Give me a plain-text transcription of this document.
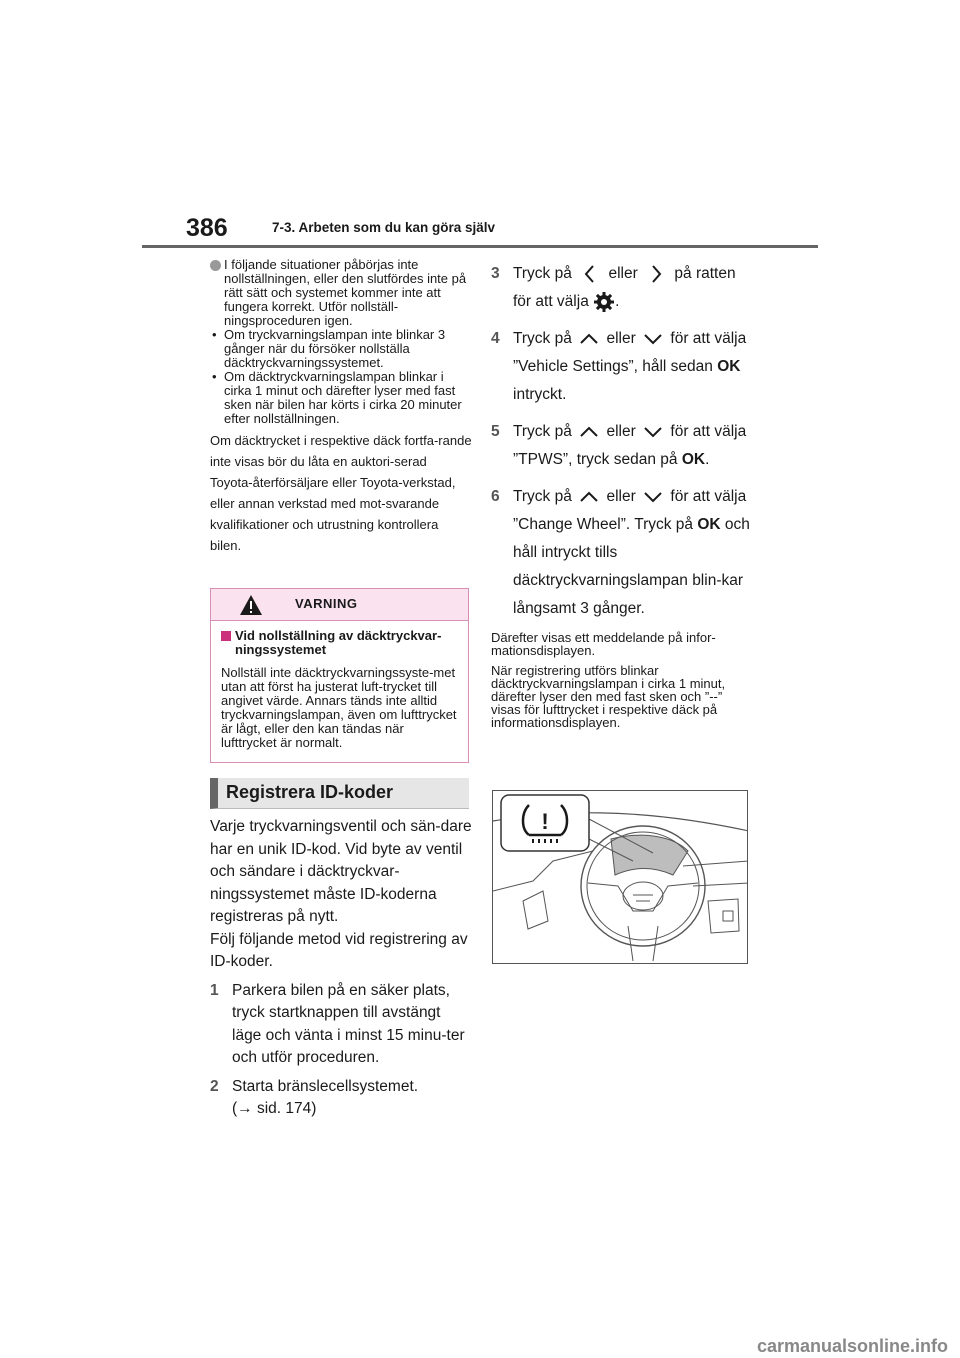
386	7-3. Arbeten som du kan göra själv
I följande situationer påbörjas inte nollställningen, eller den slutfördes inte på rätt sätt och systemet kommer inte att fungera korrekt. Utför nollställ-ningsproceduren igen.
• Om tryckvarningslampan inte blinkar 3 gånger när du försöker nollställa däcktryckvarningssystemet.
• Om däcktryckvarningslampan blinkar i cirka 1 minut och därefter lyser med fast sken när bilen har körts i cirka 20 minuter efter nollställningen.
Om däcktrycket i respektive däck fortfa-rande inte visas bör du låta en auktori-serad Toyota-återförsäljare eller Toyota-verkstad, eller annan verkstad med mot-svarande kvalifikationer och utrustning kontrollera bilen.
VARNING
Vid nollställning av däcktryckvar-ningssystemet
Nollställ inte däcktryckvarningssyste-met utan att först ha justerat luft-trycket till angivet värde. Annars tänds inte alltid tryckvarningslampan, även om lufttrycket är lågt, eller den kan tändas när lufttrycket är normalt.
Registrera ID-koder
Varje tryckvarningsventil och sän-dare har en unik ID-kod. Vid byte av ventil och sändare i däcktryckvar-ningssystemet måste ID-koderna registreras på nytt.
Följ följande metod vid registrering av ID-koder.
1 Parkera bilen på en säker plats, tryck startknappen till avstängt läge och vänta i minst 15 minu-ter och utför proceduren.
2 Starta bränslecellsystemet.
(→ sid. 174)
3 Tryck på eller på ratten för att välja .
4 Tryck på eller för att välja ”Vehicle Settings”, håll sedan OK intryckt.
5 Tryck på eller för att välja ”TPWS”, tryck sedan på OK.
6 Tryck på eller för att välja ”Change Wheel”. Tryck på OK och håll intryckt tills däcktryckvarningslampan blin-kar långsamt 3 gånger.
Därefter visas ett meddelande på infor-mationsdisplayen.
När registrering utförs blinkar däcktryckvarningslampan i cirka 1 minut, därefter lyser den med fast sken och ”--” visas för lufttrycket i respektive däck på informationsdisplayen.
!
carmanualsonline.info
